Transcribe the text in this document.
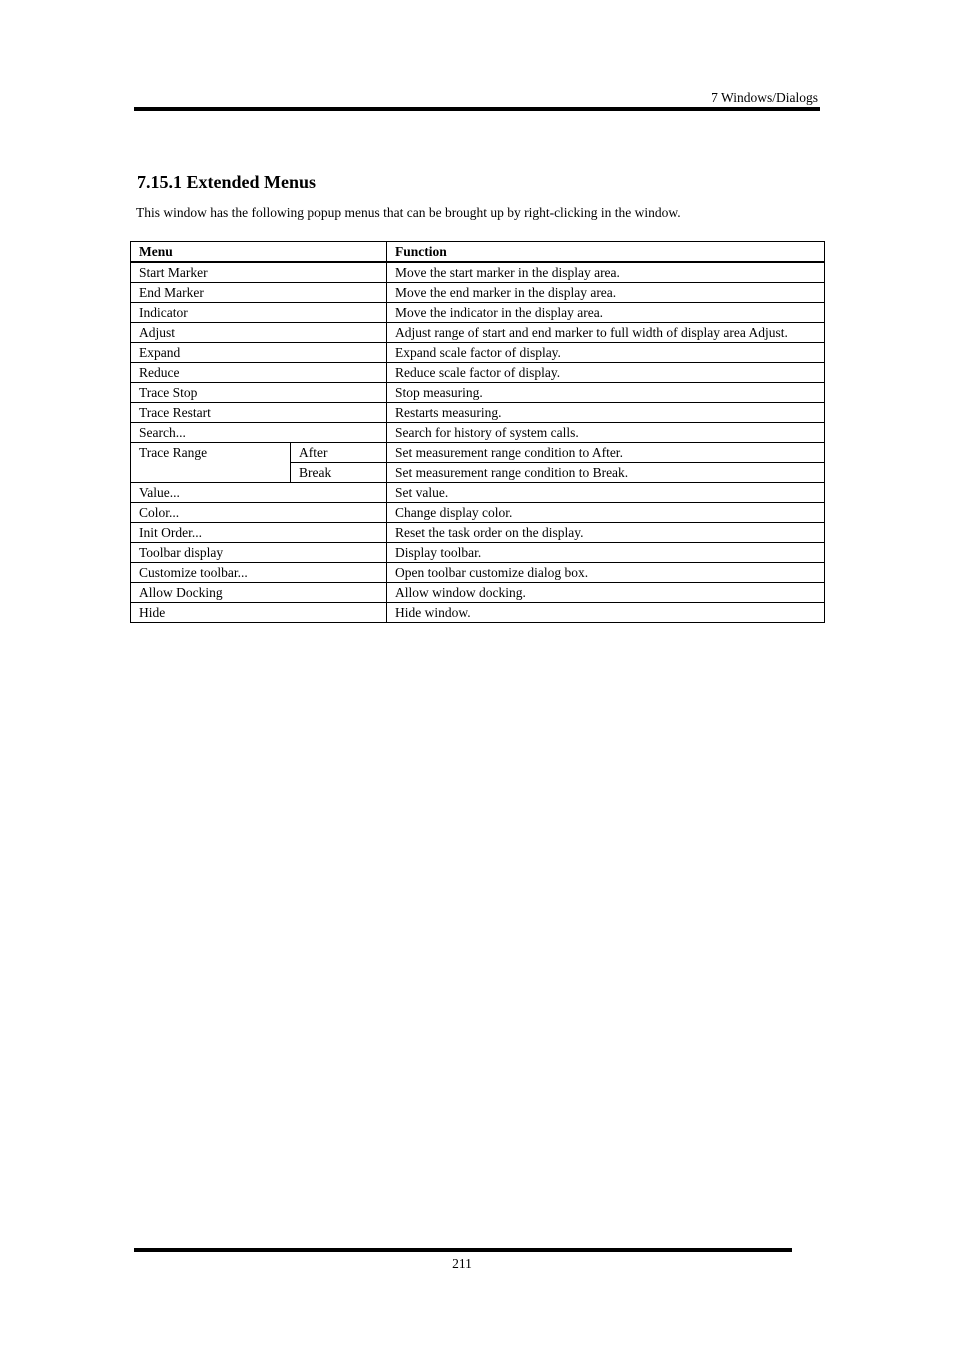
7 Windows/Dialogs
7.15.1 Extended Menus
This window has the following popup menus that can be brought up by right-clicking in the window.
Menu		Function
Start Marker		Move the start marker in the display area.
End Marker		Move the end marker in the display area.
Indicator		Move the indicator in the display area.
Adjust		Adjust range of start and end marker to full width of display area Adjust.
Expand		Expand scale factor of display.
Reduce		Reduce scale factor of display.
Trace Stop		Stop measuring.
Trace Restart		Restarts measuring.
Search...		Search for history of system calls.
Trace Range	After	Set measurement range condition to After.
	Break	Set measurement range condition to Break.
Value...		Set value.
Color...		Change display color.
Init Order...		Reset the task order on the display.
Toolbar display		Display toolbar.
Customize toolbar...		Open toolbar customize dialog box.
Allow Docking		Allow window docking.
Hide		Hide window.
211
